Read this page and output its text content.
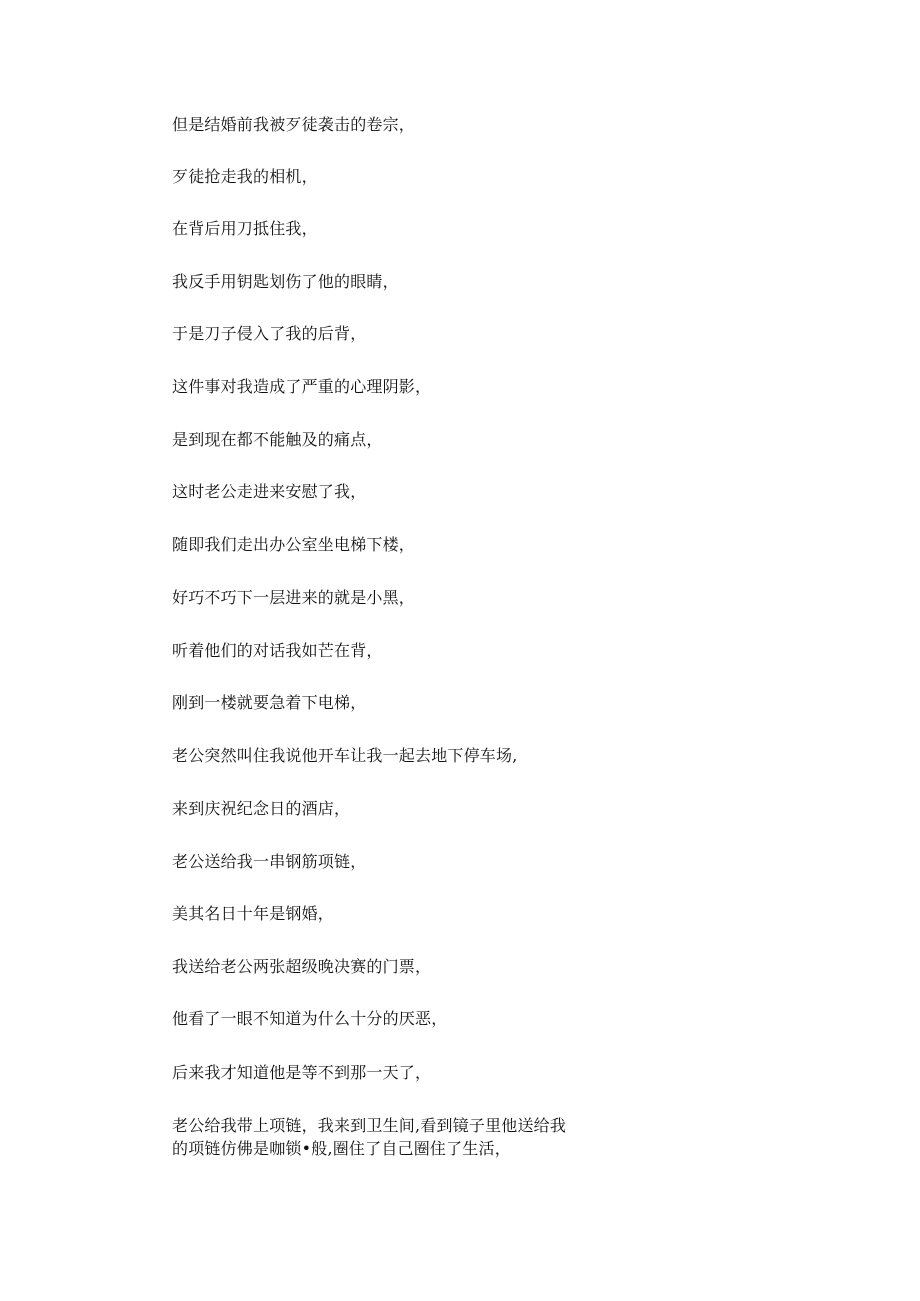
但是结婚前我被歹徒袭击的卷宗，
歹徒抢走我的相机，
在背后用刀抵住我，
我反手用钥匙划伤了他的眼睛，
于是刀子侵入了我的后背，
这件事对我造成了严重的心理阴影，
是到现在都不能触及的痛点，
这时老公走进来安慰了我，
随即我们走出办公室坐电梯下楼，
好巧不巧下一层进来的就是小黑，
听着他们的对话我如芒在背，
刚到一楼就要急着下电梯，
老公突然叫住我说他开车让我一起去地下停车场,
来到庆祝纪念日的酒店，
老公送给我一串钢筋项链，
美其名日十年是钢婚，
我送给老公两张超级晚决赛的门票，
他看了一眼不知道为什么十分的厌恶，
后来我才知道他是等不到那一天了，
老公给我带上项链，我来到卫生间,看到镜子里他送给我
的项链仿佛是咖锁•般,圈住了自己圈住了生活，
